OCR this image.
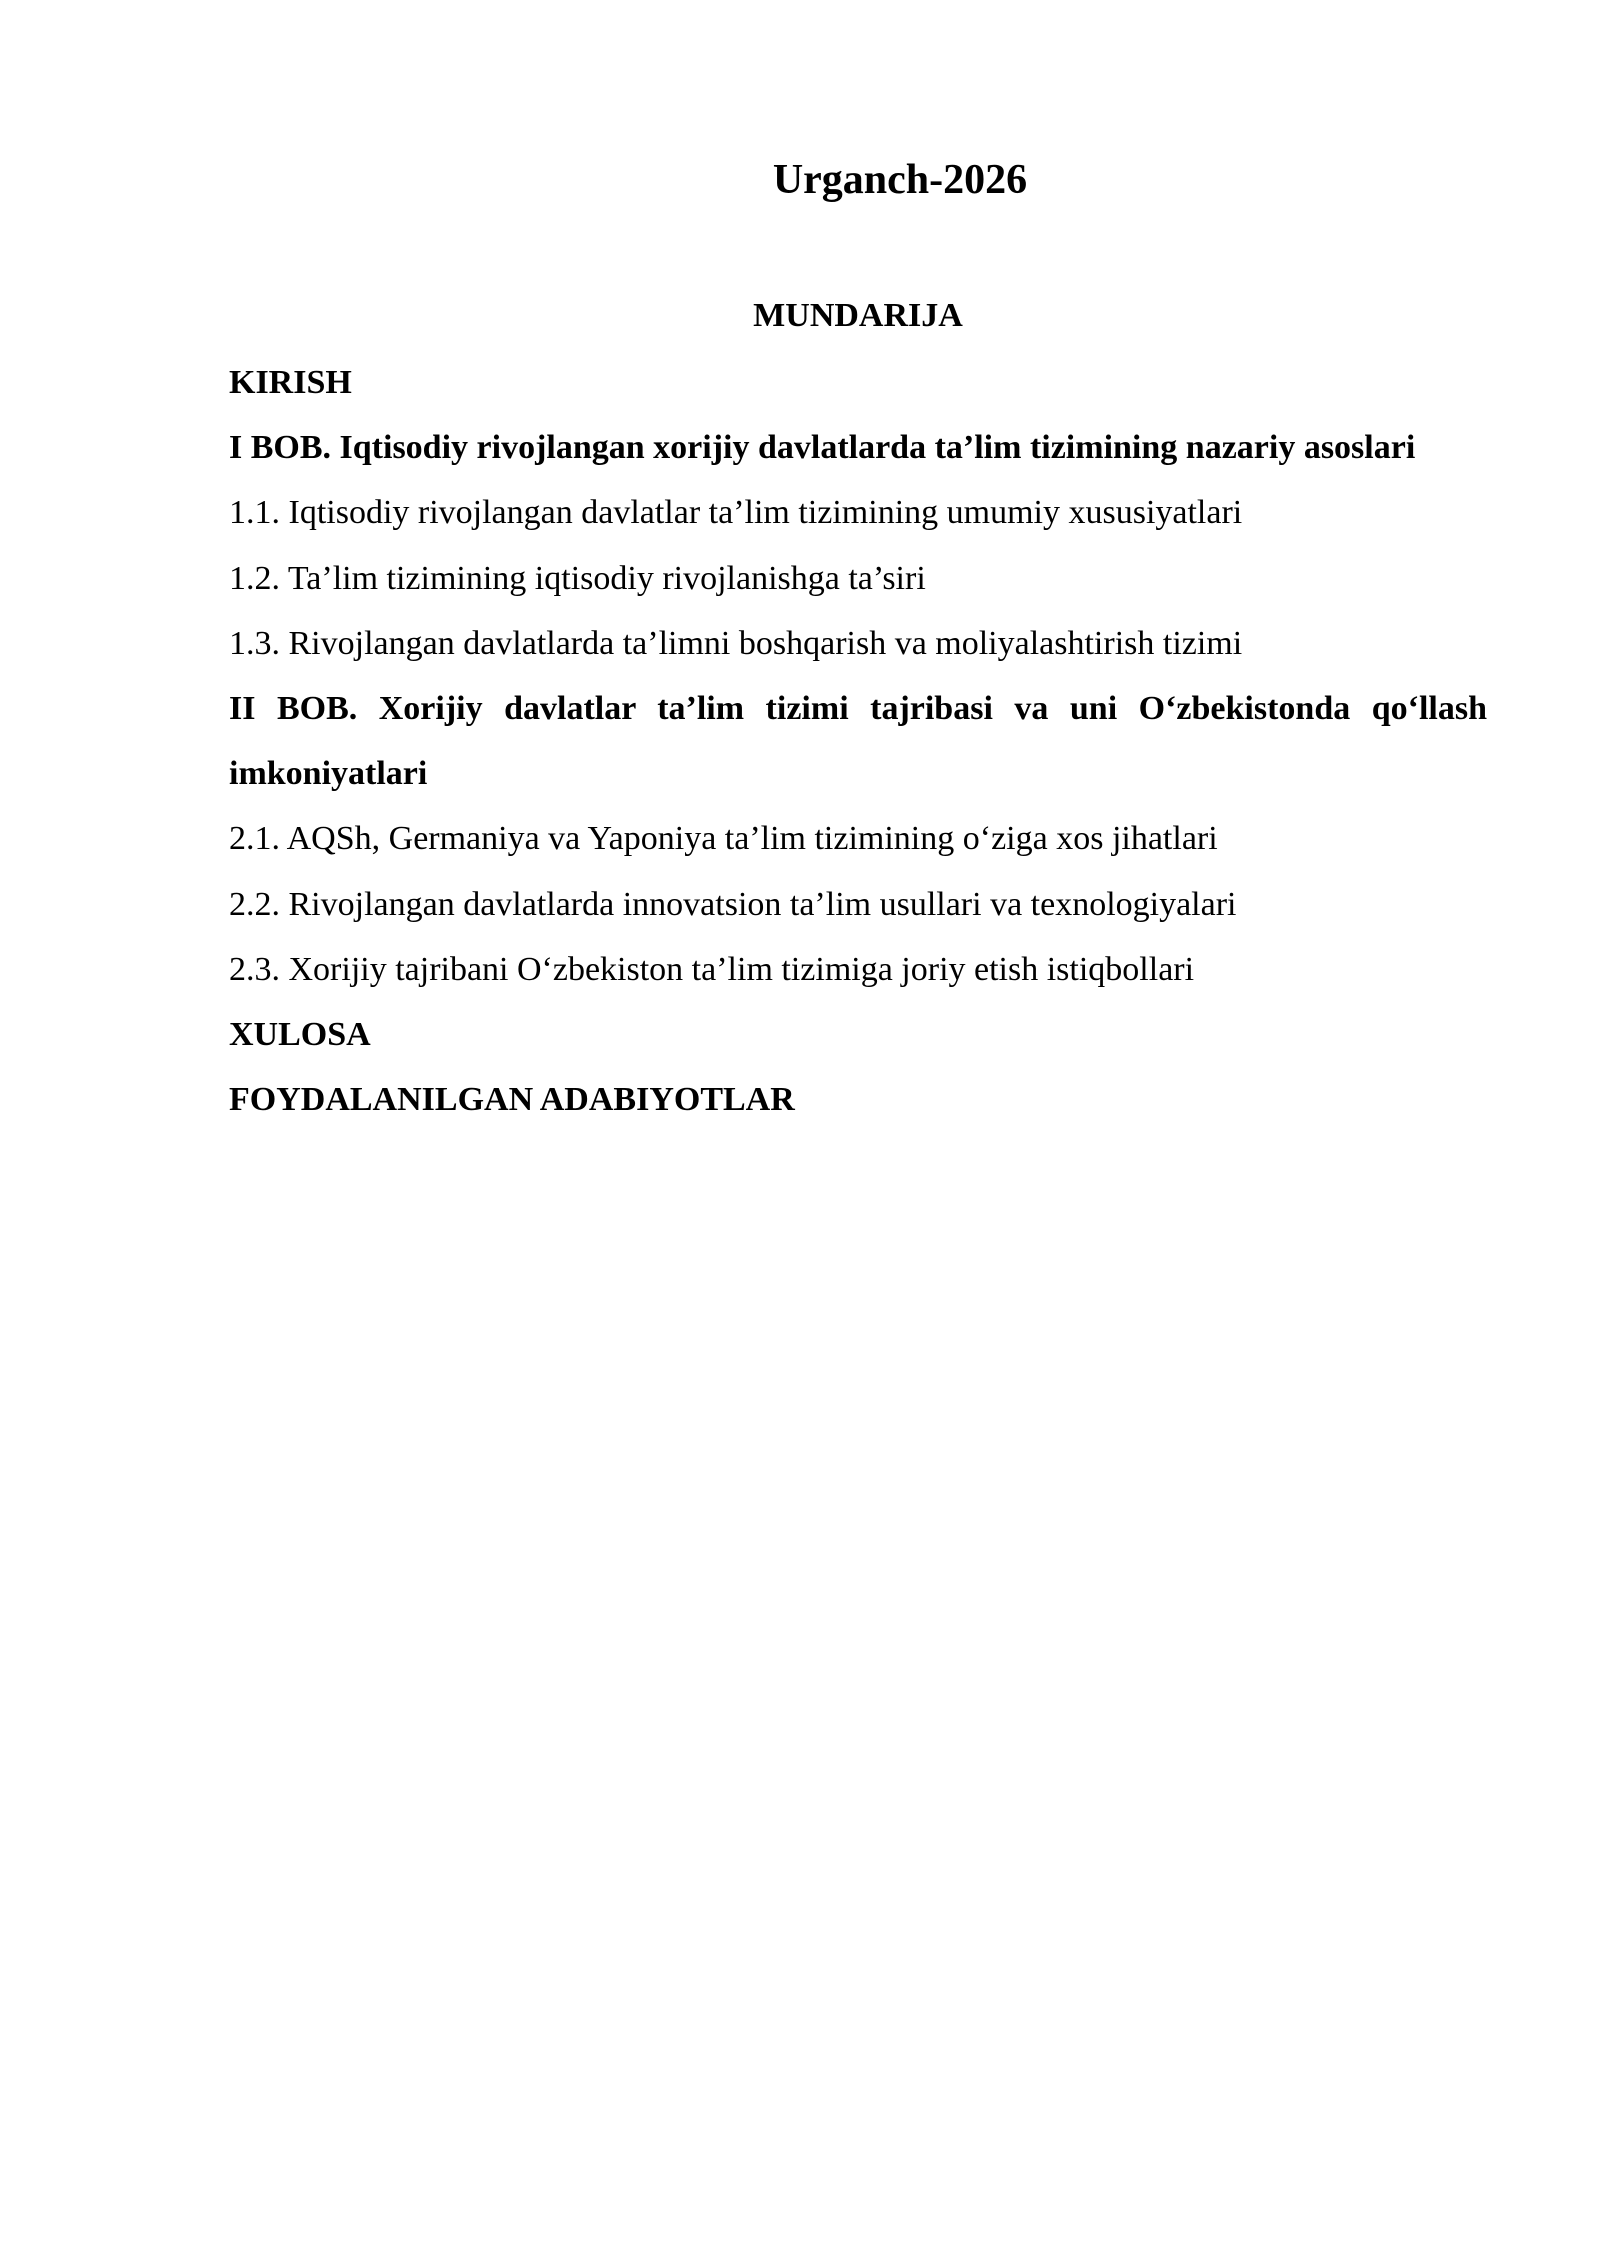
Urganch-2026
MUNDARIJA

KIRISH

I BOB. Iqtisodiy rivojlangan xorijiy davlatlarda ta’lim tizimining nazariy asoslari

1.1. Iqtisodiy rivojlangan davlatlar ta’lim tizimining umumiy xususiyatlari

1.2. Ta’lim tizimining iqtisodiy rivojlanishga ta’siri

1.3. Rivojlangan davlatlarda ta’limni boshqarish va moliyalashtirish tizimi

II BOB. Xorijiy davlatlar ta’lim tizimi tajribasi va uni O‘zbekistonda qo‘llash imkoniyatlari

2.1. AQSh, Germaniya va Yaponiya ta’lim tizimining o‘ziga xos jihatlari

2.2. Rivojlangan davlatlarda innovatsion ta’lim usullari va texnologiyalari

2.3. Xorijiy tajribani O‘zbekiston ta’lim tizimiga joriy etish istiqbollari

XULOSA

FOYDALANILGAN ADABIYOTLAR
